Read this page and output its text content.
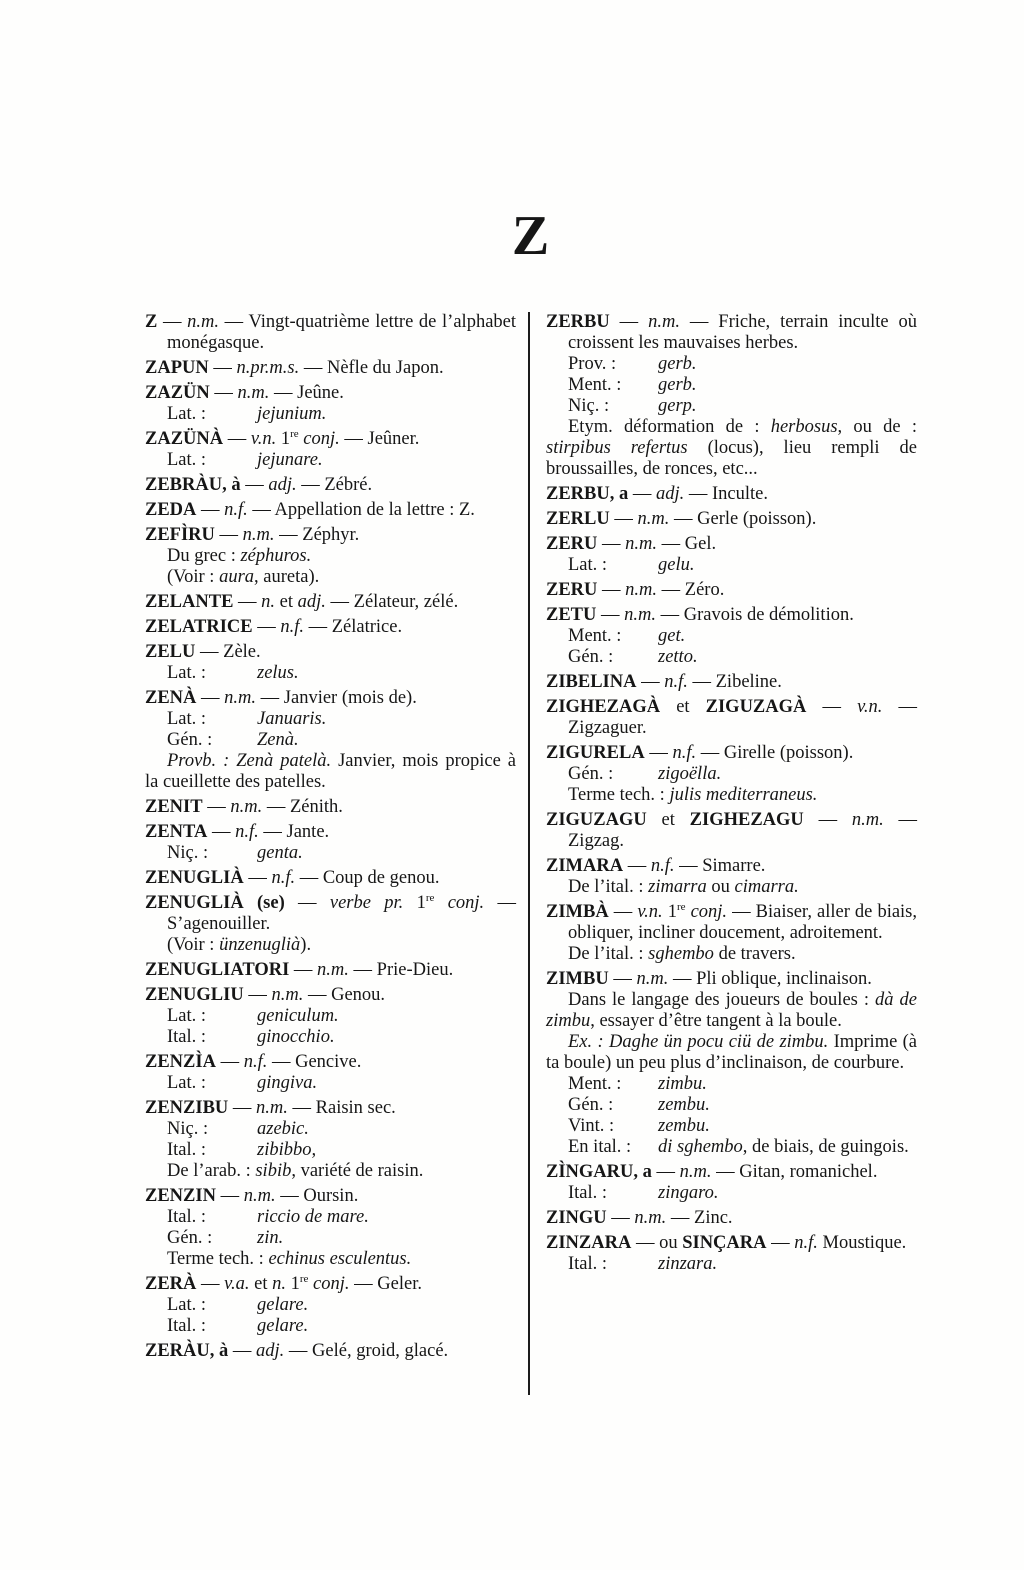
Z

Z — n.m. — Vingt-quatrième lettre de l’alphabet monégasque.

ZAPUN — n.pr.m.s. — Nèfle du Japon.

ZAZÜN — n.m. — Jeûne.

Lat. :	jejunium.

ZAZÜNÀ — v.n. 1re conj. — Jeûner.

Lat. :	jejunare.

ZEBRÀU, à — adj. — Zébré.

ZEDA — n.f. — Appellation de la lettre : Z.

ZEFÌRU — n.m. — Zéphyr.

Du grec : zéphuros.

(Voir : aura, aureta).

ZELANTE — n. et adj. — Zélateur, zélé.

ZELATRICE — n.f. — Zélatrice.

ZELU — Zèle.

Lat. :	zelus.

ZENÀ — n.m. — Janvier (mois de).

Lat. :	Januaris.

Gén. :	Zenà.

Provb. : Zenà patelà. Janvier, mois propice à la cueillette des patelles.

ZENIT — n.m. — Zénith.

ZENTA — n.f. — Jante.

Niç. :	genta.

ZENUGLIÀ — n.f. — Coup de genou.

ZENUGLIÀ (se) — verbe pr. 1re conj. — S’agenouiller.

(Voir : ünzenuglià).

ZENUGLIATORI — n.m. — Prie-Dieu.

ZENUGLIU — n.m. — Genou.

Lat. :	geniculum.

Ital. :	ginocchio.

ZENZÌA — n.f. — Gencive.

Lat. :	gingiva.

ZENZIBU — n.m. — Raisin sec.

Niç. :	azebic.

Ital. :	zibibbo,

De l’arab. : sibib, variété de raisin.

ZENZIN — n.m. — Oursin.

Ital. :	riccio de mare.

Gén. :	zin.

Terme tech. : echinus esculentus.

ZERÀ — v.a. et n. 1re conj. — Geler.

Lat. :	gelare.

Ital. :	gelare.

ZERÀU, à — adj. — Gelé, groid, glacé.

ZERBU — n.m. — Friche, terrain inculte où croissent les mauvaises herbes.

Prov. :	gerb.

Ment. :	gerb.

Niç. :	gerp.

Etym. déformation de : herbosus, ou de : stirpibus refertus (locus), lieu rempli de broussailles, de ronces, etc...

ZERBU, a — adj. — Inculte.

ZERLU — n.m. — Gerle (poisson).

ZERU — n.m. — Gel.

Lat. :	gelu.

ZERU — n.m. — Zéro.

ZETU — n.m. — Gravois de démolition.

Ment. :	get.

Gén. :	zetto.

ZIBELINA — n.f. — Zibeline.

ZIGHEZAGÀ et ZIGUZAGÀ — v.n. — Zigzaguer.

ZIGURELA — n.f. — Girelle (poisson).

Gén. :	zigoëlla.

Terme tech. : julis mediterraneus.

ZIGUZAGU et ZIGHEZAGU — n.m. — Zigzag.

ZIMARA — n.f. — Simarre.

De l’ital. : zimarra ou cimarra.

ZIMBÀ — v.n. 1re conj. — Biaiser, aller de biais, obliquer, incliner doucement, adroitement.

De l’ital. : sghembo de travers.

ZIMBU — n.m. — Pli oblique, inclinaison.

Dans le langage des joueurs de boules : dà de zimbu, essayer d’être tangent à la boule.

Ex. : Daghe ün pocu ciü de zimbu. Imprime (à ta boule) un peu plus d’inclinaison, de courbure.

Ment. :	zimbu.

Gén. :	zembu.

Vint. :	zembu.

En ital. :	di sghembo, de biais, de guingois.

ZÌNGARU, a — n.m. — Gitan, romanichel.

Ital. :	zingaro.

ZINGU — n.m. — Zinc.

ZINZARA — ou SINÇARA — n.f. Moustique.

Ital. :	zinzara.
